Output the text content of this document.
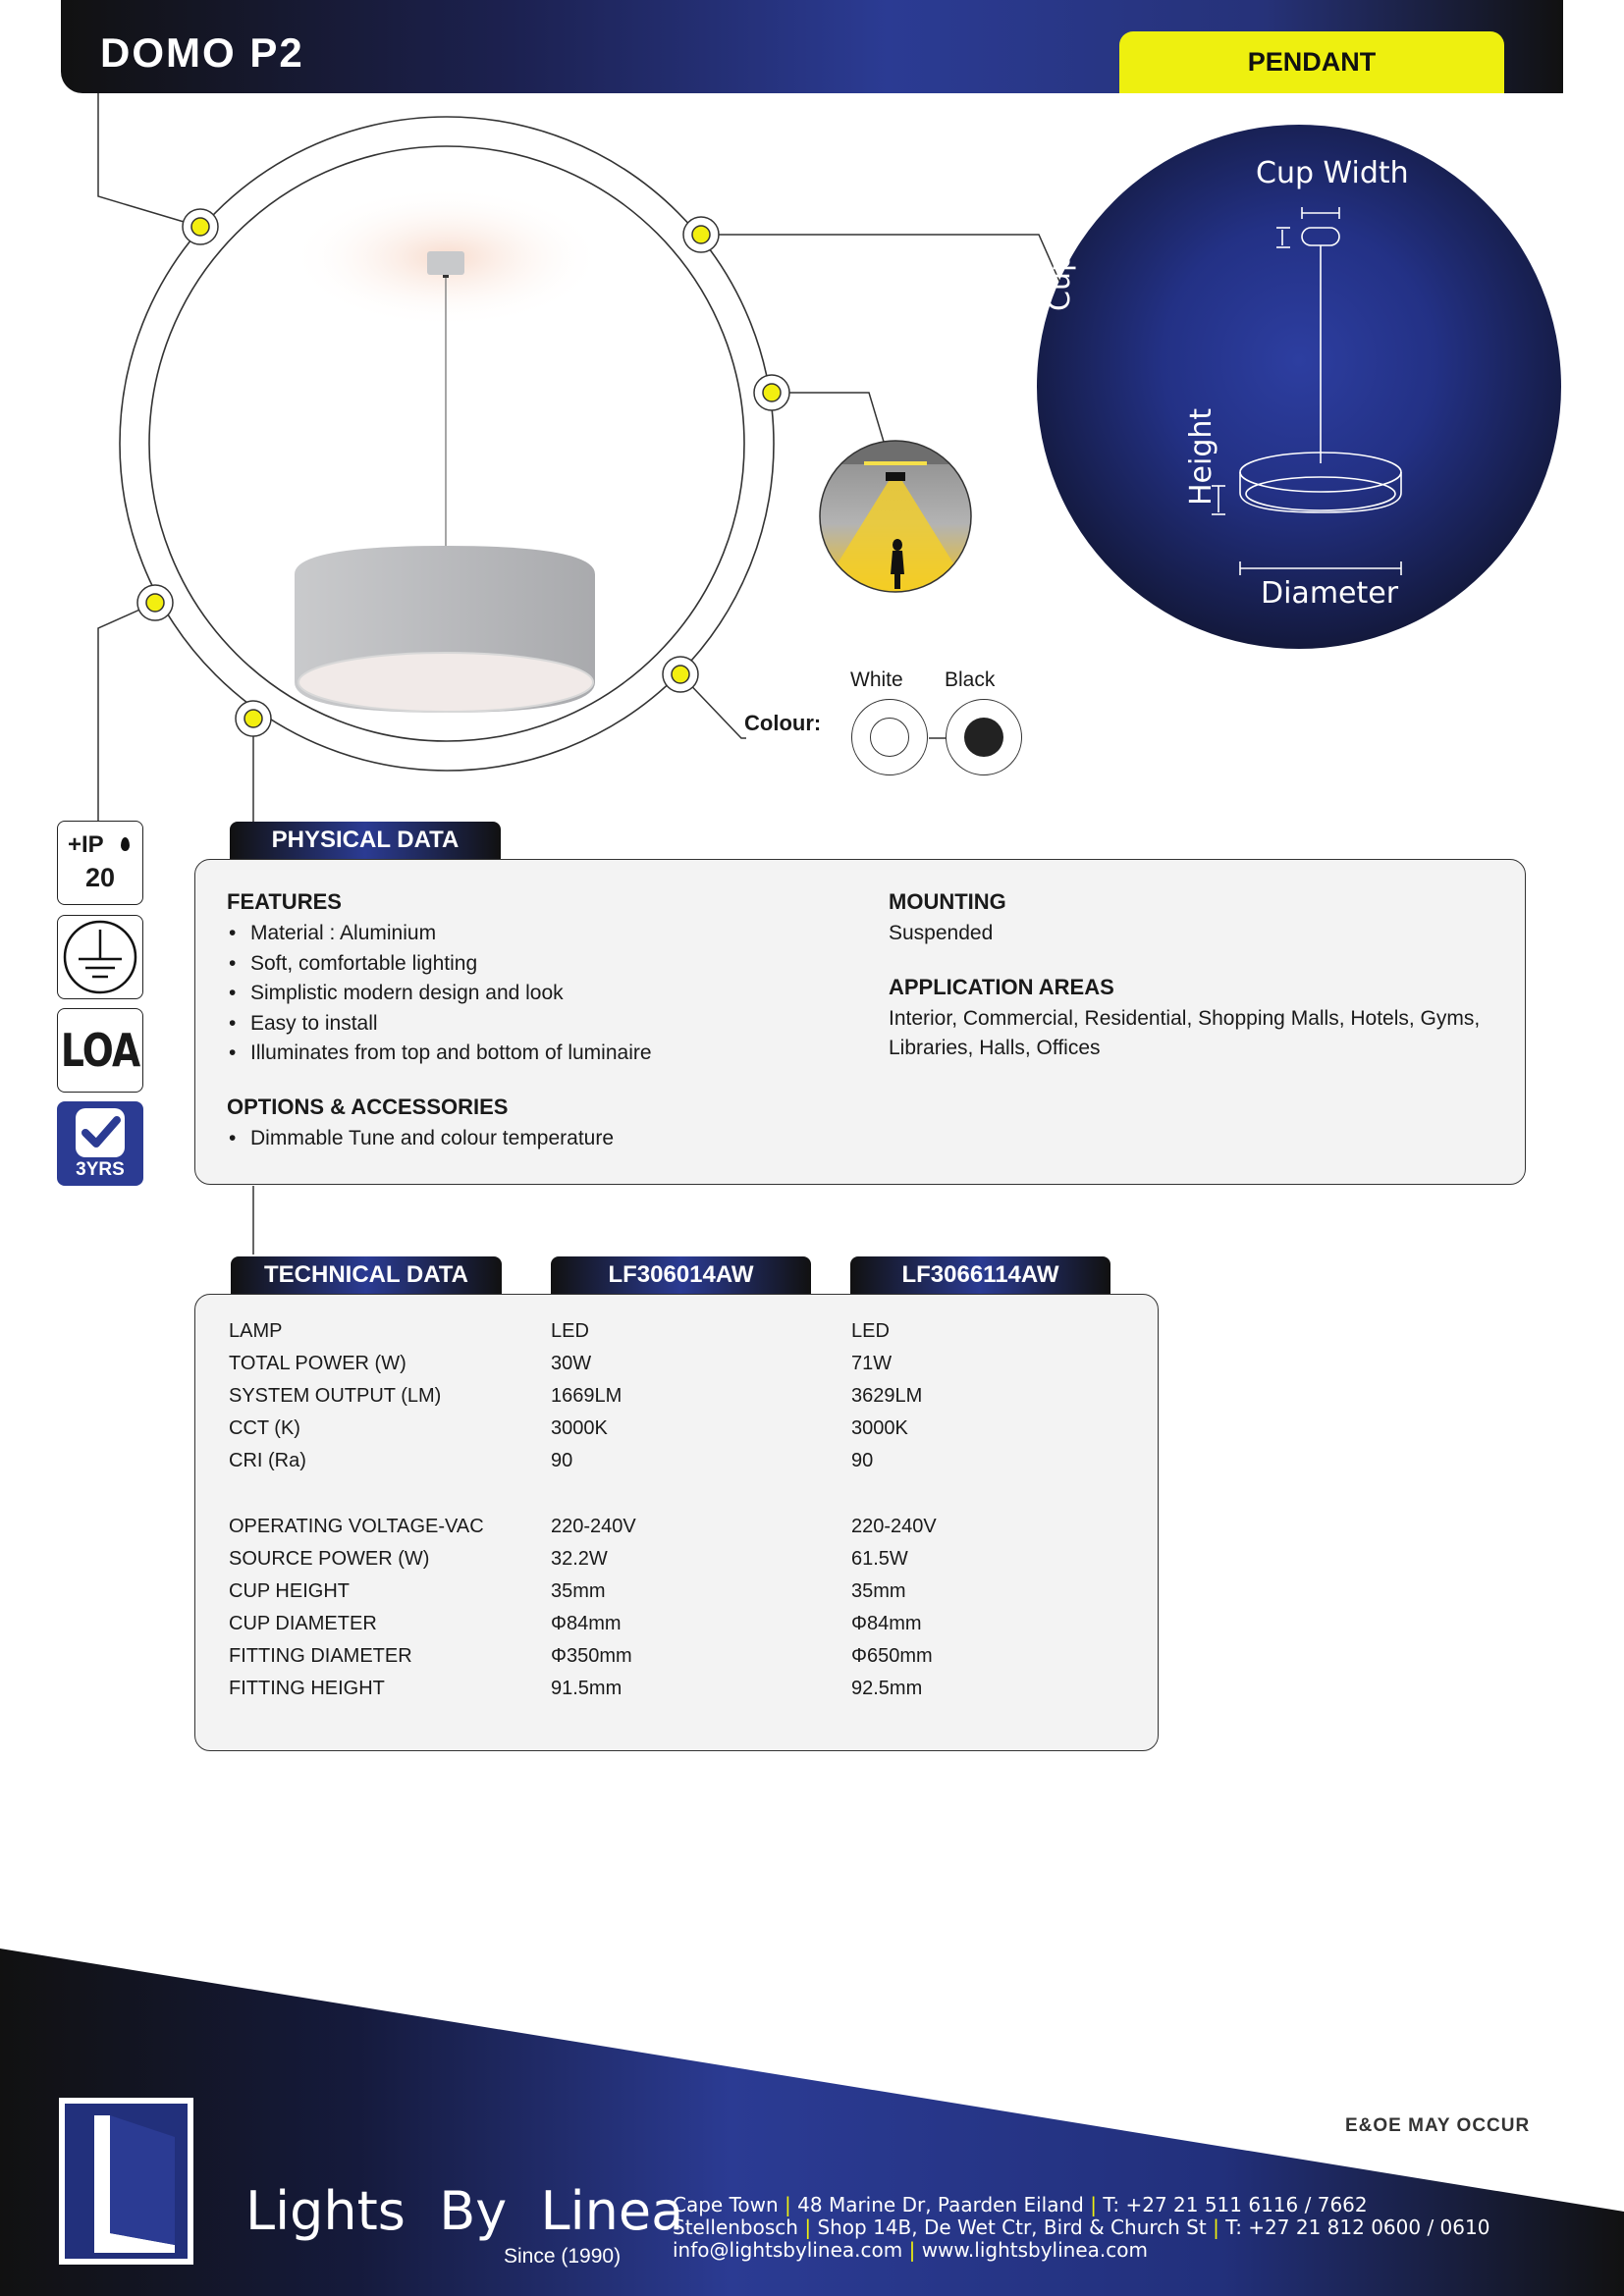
DOMO P2	PENDANT
Cup Width
Cup Height
Height
Diameter
Colour:
White Black
+IP
20
LOA
3YRS
PHYSICAL DATA
FEATURES
• Material : Aluminium
• Soft, comfortable lighting
• Simplistic modern design and look
• Easy to install
• Illuminates from top and bottom of luminaire
OPTIONS & ACCESSORIES
• Dimmable Tune and colour temperature
MOUNTING
Suspended
APPLICATION AREAS
Interior, Commercial, Residential, Shopping Malls, Hotels, Gyms,
Libraries, Halls, Offices
TECHNICAL DATA	LF306014AW	LF3066114AW
LAMP	LED	LED
TOTAL POWER (W)	30W	71W
SYSTEM OUTPUT (LM)	1669LM	3629LM
CCT (K)	3000K	3000K
CRI (Ra)	90	90
OPERATING VOLTAGE-VAC	220-240V	220-240V
SOURCE POWER (W)	32.2W	61.5W
CUP HEIGHT	35mm	35mm
CUP DIAMETER	Φ84mm	Φ84mm
FITTING DIAMETER	Φ350mm	Φ650mm
FITTING HEIGHT	91.5mm	92.5mm
E&OE MAY OCCUR
Lights  By  Linea
Since (1990)
Cape Town | 48 Marine Dr, Paarden Eiland | T: +27 21 511 6116 / 7662
Stellenbosch | Shop 14B, De Wet Ctr, Bird & Church St | T: +27 21 812 0600 / 0610
info@lightsbylinea.com | www.lightsbylinea.com
